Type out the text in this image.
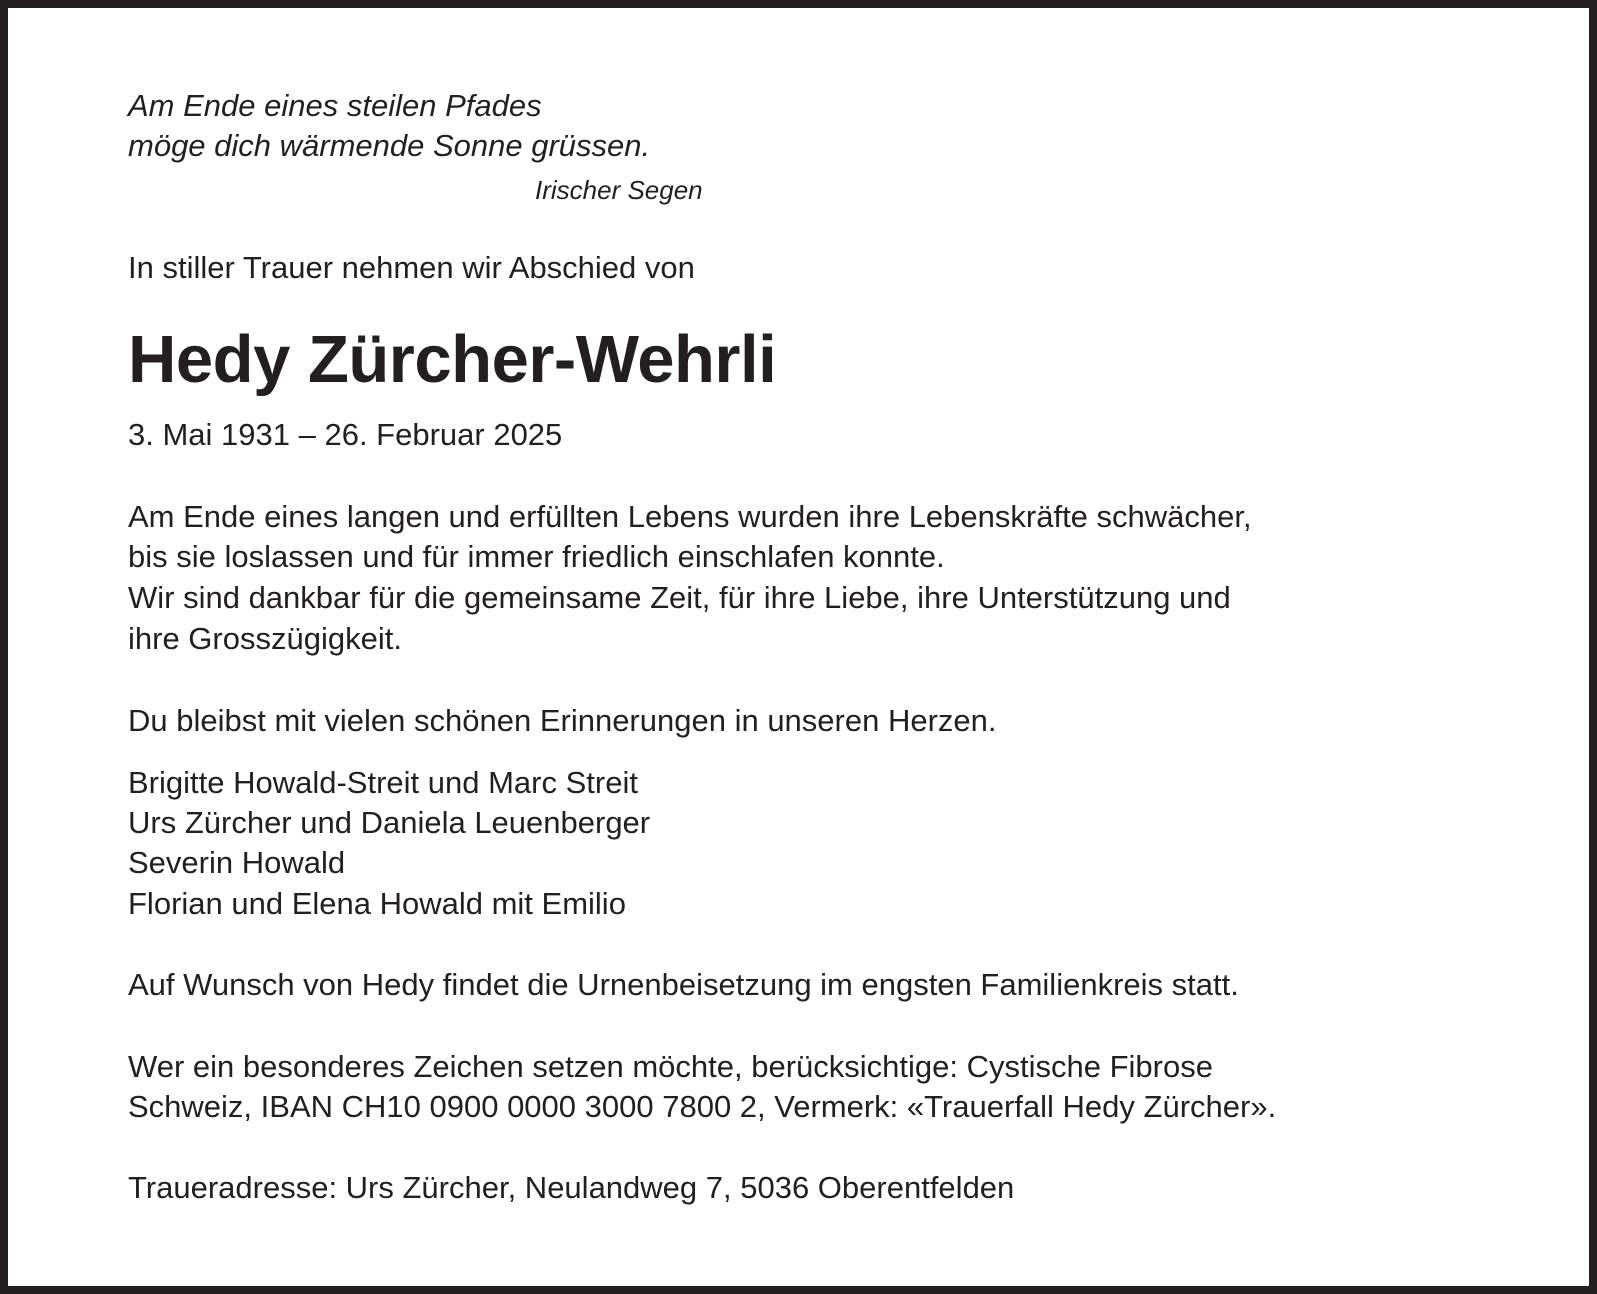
Am Ende eines steilen Pfades

möge dich wärmende Sonne grüssen.

Irischer Segen

In stiller Trauer nehmen wir Abschied von

Hedy Zürcher-Wehrli

3. Mai 1931 – 26. Februar 2025

Am Ende eines langen und erfüllten Lebens wurden ihre Lebenskräfte schwächer,

bis sie loslassen und für immer friedlich einschlafen konnte.

Wir sind dankbar für die gemeinsame Zeit, für ihre Liebe, ihre Unterstützung und

ihre Grosszügigkeit.

Du bleibst mit vielen schönen Erinnerungen in unseren Herzen.

Brigitte Howald-Streit und Marc Streit

Urs Zürcher und Daniela Leuenberger

Severin Howald

Florian und Elena Howald mit Emilio

Auf Wunsch von Hedy findet die Urnenbeisetzung im engsten Familienkreis statt.

Wer ein besonderes Zeichen setzen möchte, berücksichtige: Cystische Fibrose

Schweiz, IBAN CH10 0900 0000 3000 7800 2, Vermerk: «Trauerfall Hedy Zürcher».

Traueradresse: Urs Zürcher, Neulandweg 7, 5036 Oberentfelden
